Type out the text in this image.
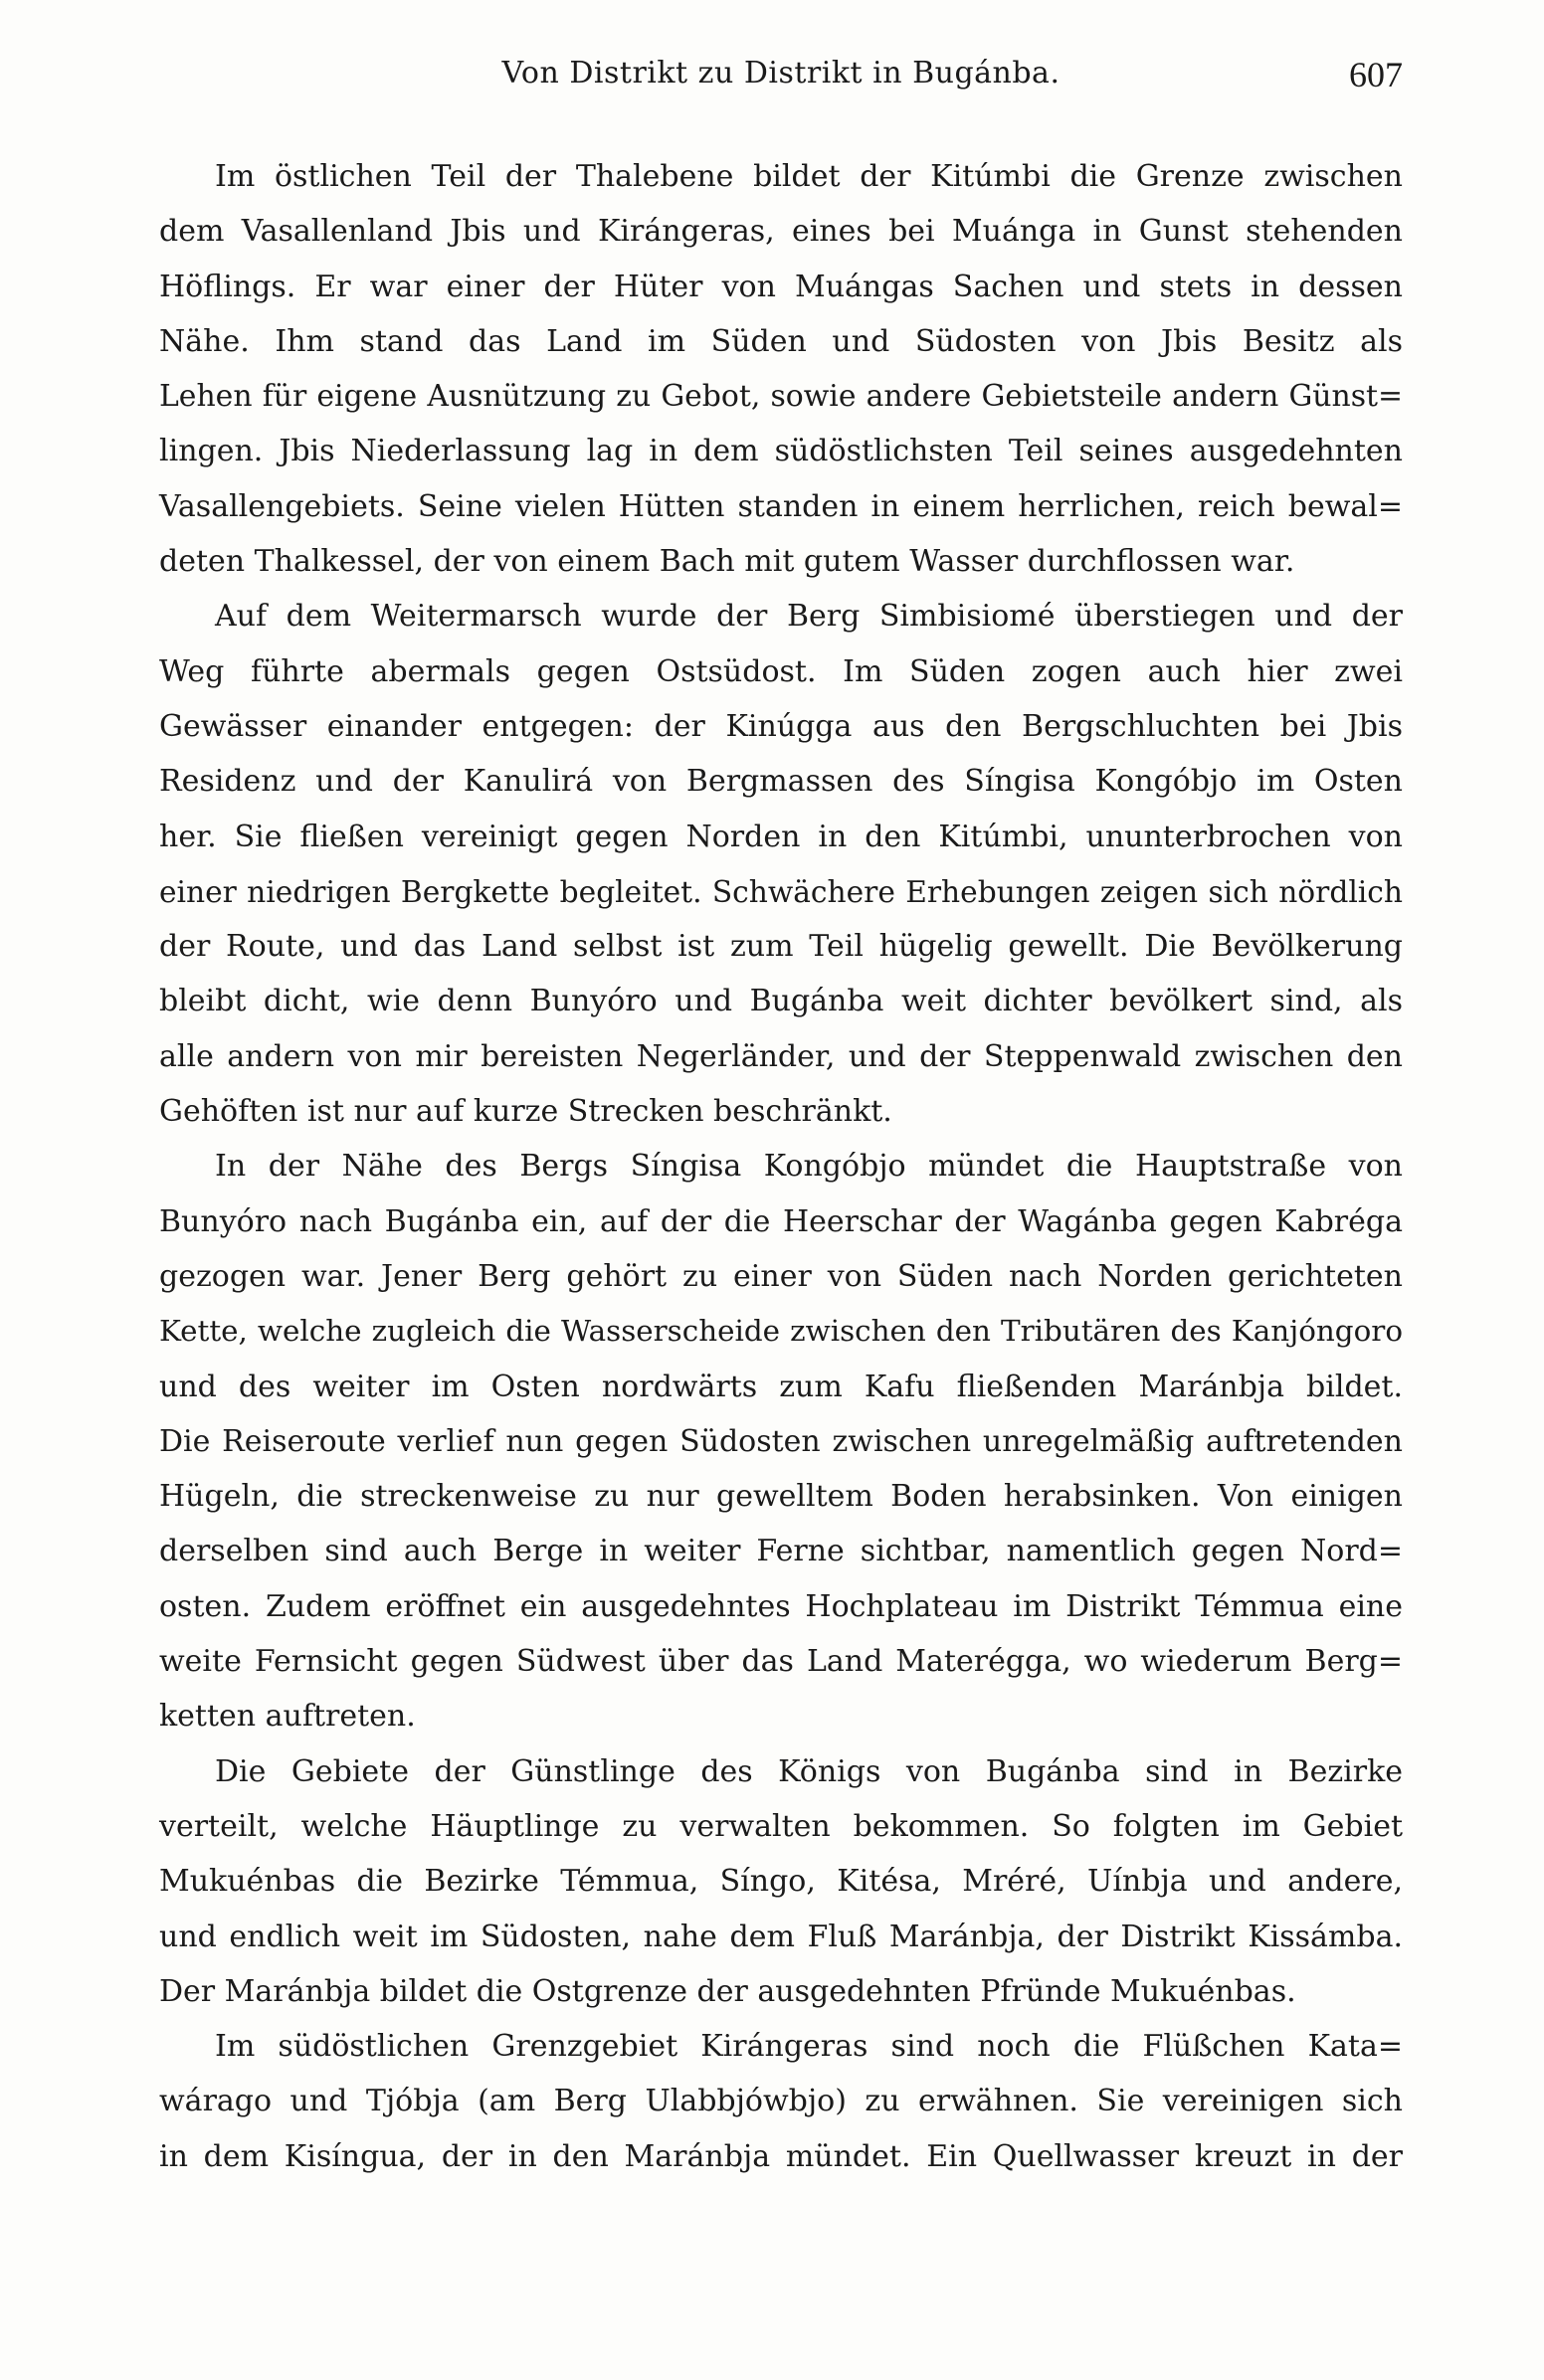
Von Distrikt zu Distrikt in Bugánba.	607

Im östlichen Teil der Thalebene bildet der Kitúmbi die Grenze zwischen
dem Vasallenland Jbis und Kirángeras, eines bei Muánga in Gunst stehenden
Höflings. Er war einer der Hüter von Muángas Sachen und stets in dessen
Nähe. Ihm stand das Land im Süden und Südosten von Jbis Besitz als
Lehen für eigene Ausnützung zu Gebot, sowie andere Gebietsteile andern Günst=
lingen. Jbis Niederlassung lag in dem südöstlichsten Teil seines ausgedehnten
Vasallengebiets. Seine vielen Hütten standen in einem herrlichen, reich bewal=
deten Thalkessel, der von einem Bach mit gutem Wasser durchflossen war.

Auf dem Weitermarsch wurde der Berg Simbisiomé überstiegen und der
Weg führte abermals gegen Ostsüdost. Im Süden zogen auch hier zwei
Gewässer einander entgegen: der Kinúgga aus den Bergschluchten bei Jbis
Residenz und der Kanulirá von Bergmassen des Síngisa Kongóbjo im Osten
her. Sie fließen vereinigt gegen Norden in den Kitúmbi, ununterbrochen von
einer niedrigen Bergkette begleitet. Schwächere Erhebungen zeigen sich nördlich
der Route, und das Land selbst ist zum Teil hügelig gewellt. Die Bevölkerung
bleibt dicht, wie denn Bunyóro und Bugánba weit dichter bevölkert sind, als
alle andern von mir bereisten Negerländer, und der Steppenwald zwischen den
Gehöften ist nur auf kurze Strecken beschränkt.

In der Nähe des Bergs Síngisa Kongóbjo mündet die Hauptstraße von
Bunyóro nach Bugánba ein, auf der die Heerschar der Wagánba gegen Kabréga
gezogen war. Jener Berg gehört zu einer von Süden nach Norden gerichteten
Kette, welche zugleich die Wasserscheide zwischen den Tributären des Kanjóngoro
und des weiter im Osten nordwärts zum Kafu fließenden Maránbja bildet.
Die Reiseroute verlief nun gegen Südosten zwischen unregelmäßig auftretenden
Hügeln, die streckenweise zu nur gewelltem Boden herabsinken. Von einigen
derselben sind auch Berge in weiter Ferne sichtbar, namentlich gegen Nord=
osten. Zudem eröffnet ein ausgedehntes Hochplateau im Distrikt Témmua eine
weite Fernsicht gegen Südwest über das Land Materégga, wo wiederum Berg=
ketten auftreten.

Die Gebiete der Günstlinge des Königs von Bugánba sind in Bezirke
verteilt, welche Häuptlinge zu verwalten bekommen. So folgten im Gebiet
Mukuénbas die Bezirke Témmua, Síngo, Kitésa, Mréré, Uínbja und andere,
und endlich weit im Südosten, nahe dem Fluß Maránbja, der Distrikt Kissámba.
Der Maránbja bildet die Ostgrenze der ausgedehnten Pfründe Mukuénbas.

Im südöstlichen Grenzgebiet Kirángeras sind noch die Flüßchen Kata=
wárago und Tjóbja (am Berg Ulabbjówbjo) zu erwähnen. Sie vereinigen sich
in dem Kisíngua, der in den Maránbja mündet. Ein Quellwasser kreuzt in der
